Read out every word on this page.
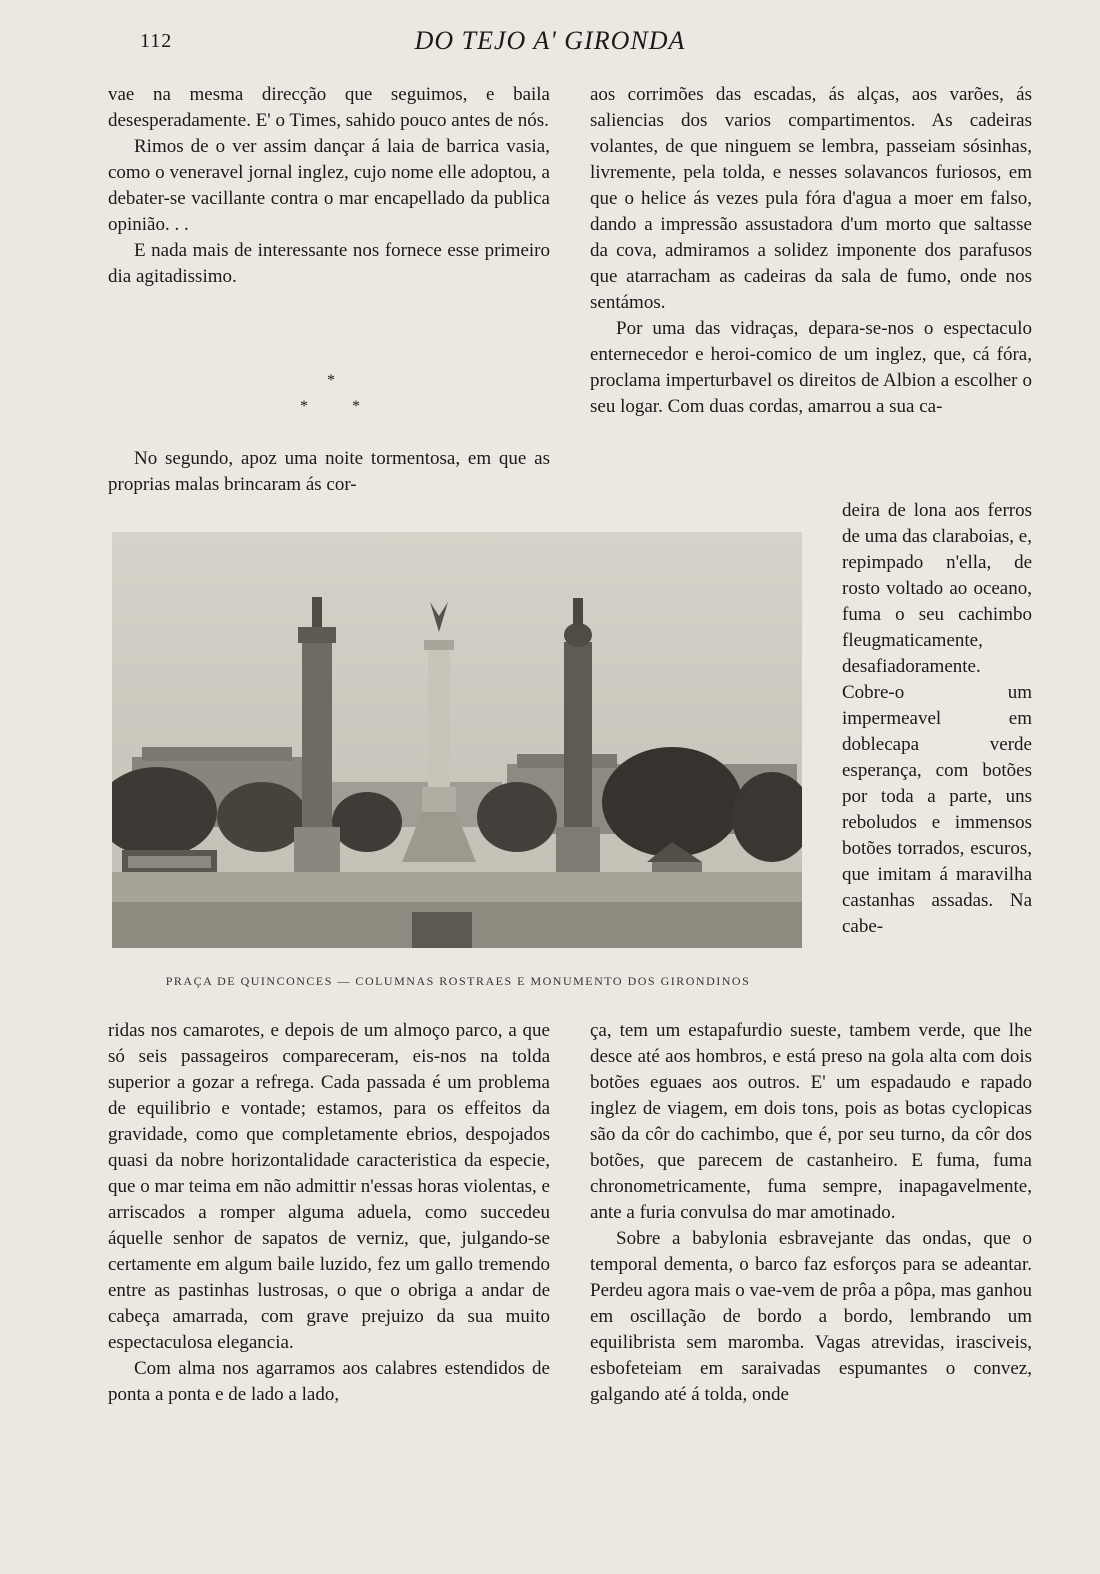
112	DO TEJO A' GIRONDA

vae na mesma direcção que seguimos, e baila desesperadamente. E' o Times, sahido pouco antes de nós.

Rimos de o ver assim dançar á laia de barrica vasia, como o veneravel jornal inglez, cujo nome elle adoptou, a debater-se vacillante contra o mar encapellado da publica opinião. . .

E nada mais de interessante nos fornece esse primeiro dia agitadissimo.

*
*	*

No segundo, apoz uma noite tormentosa, em que as proprias malas brincaram ás cor-

aos corrimões das escadas, ás alças, aos varões, ás saliencias dos varios compartimentos. As cadeiras volantes, de que ninguem se lembra, passeiam sósinhas, livremente, pela tolda, e nesses solavancos furiosos, em que o helice ás vezes pula fóra d'agua a moer em falso, dando a impressão assustadora d'um morto que saltasse da cova, admiramos a solidez imponente dos parafusos que atarracham as cadeiras da sala de fumo, onde nos sentámos.

Por uma das vidraças, depara-se-nos o espectaculo enternecedor e heroi-comico de um inglez, que, cá fóra, proclama imperturbavel os direitos de Albion a escolher o seu logar. Com duas cordas, amarrou a sua ca-

deira de lona aos ferros de uma das claraboias, e, repimpado n'ella, de rosto voltado ao oceano, fuma o seu cachimbo fleugmaticamente, desafiadoramente. Cobre-o um impermeavel em doblecapa verde esperança, com botões por toda a parte, uns reboludos e immensos botões torrados, escuros, que imitam á maravilha castanhas assadas. Na cabe-

PRAÇA DE QUINCONCES — COLUMNAS ROSTRAES E MONUMENTO DOS GIRONDINOS

ridas nos camarotes, e depois de um almoço parco, a que só seis passageiros compareceram, eis-nos na tolda superior a gozar a refrega. Cada passada é um problema de equilibrio e vontade; estamos, para os effeitos da gravidade, como que completamente ebrios, despojados quasi da nobre horizontalidade caracteristica da especie, que o mar teima em não admittir n'essas horas violentas, e arriscados a romper alguma aduela, como succedeu áquelle senhor de sapatos de verniz, que, julgando-se certamente em algum baile luzido, fez um gallo tremendo entre as pastinhas lustrosas, o que o obriga a andar de cabeça amarrada, com grave prejuizo da sua muito espectaculosa elegancia.

Com alma nos agarramos aos calabres estendidos de ponta a ponta e de lado a lado,

ça, tem um estapafurdio sueste, tambem verde, que lhe desce até aos hombros, e está preso na gola alta com dois botões eguaes aos outros. E' um espadaudo e rapado inglez de viagem, em dois tons, pois as botas cyclopicas são da côr do cachimbo, que é, por seu turno, da côr dos botões, que parecem de castanheiro. E fuma, fuma chronometricamente, fuma sempre, inapagavelmente, ante a furia convulsa do mar amotinado.

Sobre a babylonia esbravejante das ondas, que o temporal dementa, o barco faz esforços para se adeantar. Perdeu agora mais o vae-vem de prôa a pôpa, mas ganhou em oscillação de bordo a bordo, lembrando um equilibrista sem maromba. Vagas atrevidas, irasciveis, esbofeteiam em saraivadas espumantes o convez, galgando até á tolda, onde
